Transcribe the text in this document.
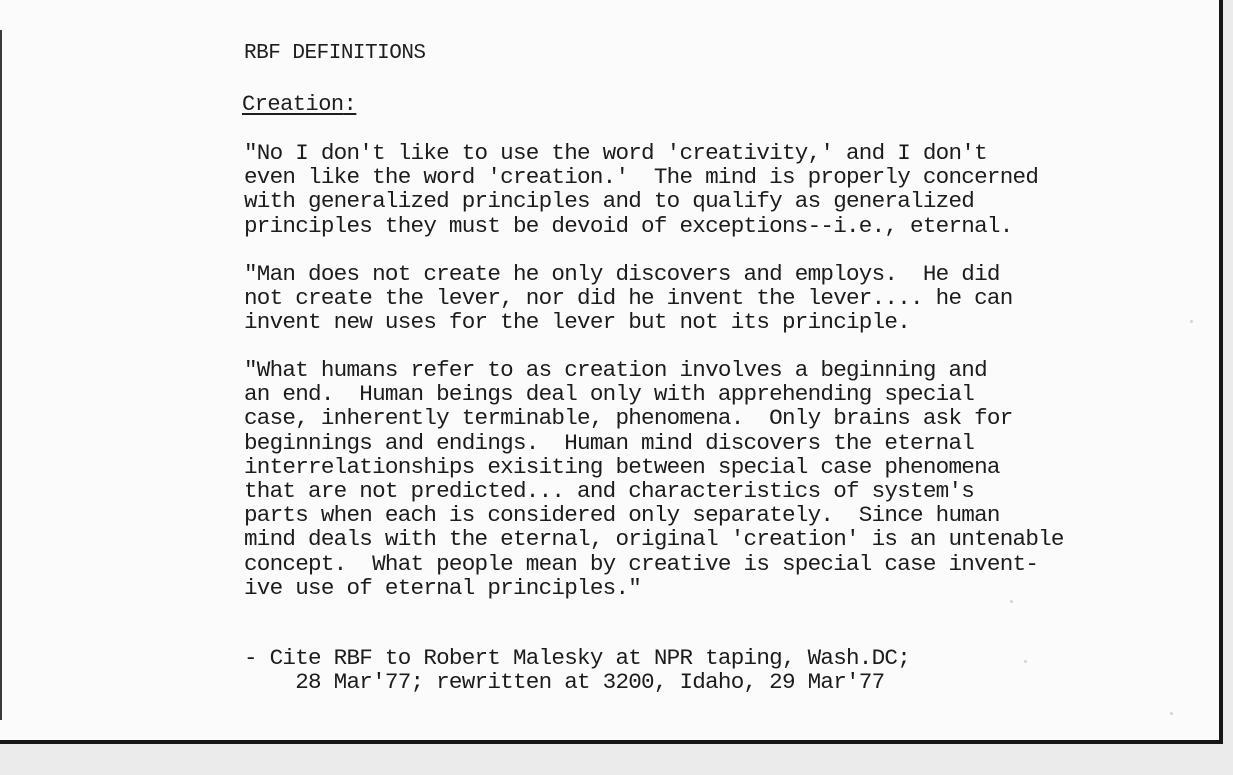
RBF DEFINITIONS
Creation:

"No I don't like to use the word 'creativity,' and I don't
even like the word 'creation.'  The mind is properly concerned
with generalized principles and to qualify as generalized
principles they must be devoid of exceptions--i.e., eternal.

"Man does not create he only discovers and employs.  He did
not create the lever, nor did he invent the lever.... he can
invent new uses for the lever but not its principle.

"What humans refer to as creation involves a beginning and
an end.  Human beings deal only with apprehending special
case, inherently terminable, phenomena.  Only brains ask for
beginnings and endings.  Human mind discovers the eternal
interrelationships exisiting between special case phenomena
that are not predicted... and characteristics of system's
parts when each is considered only separately.  Since human
mind deals with the eternal, original 'creation' is an untenable
concept.  What people mean by creative is special case invent-
ive use of eternal principles."

- Cite RBF to Robert Malesky at NPR taping, Wash.DC;
28 Mar'77; rewritten at 3200, Idaho, 29 Mar'77
